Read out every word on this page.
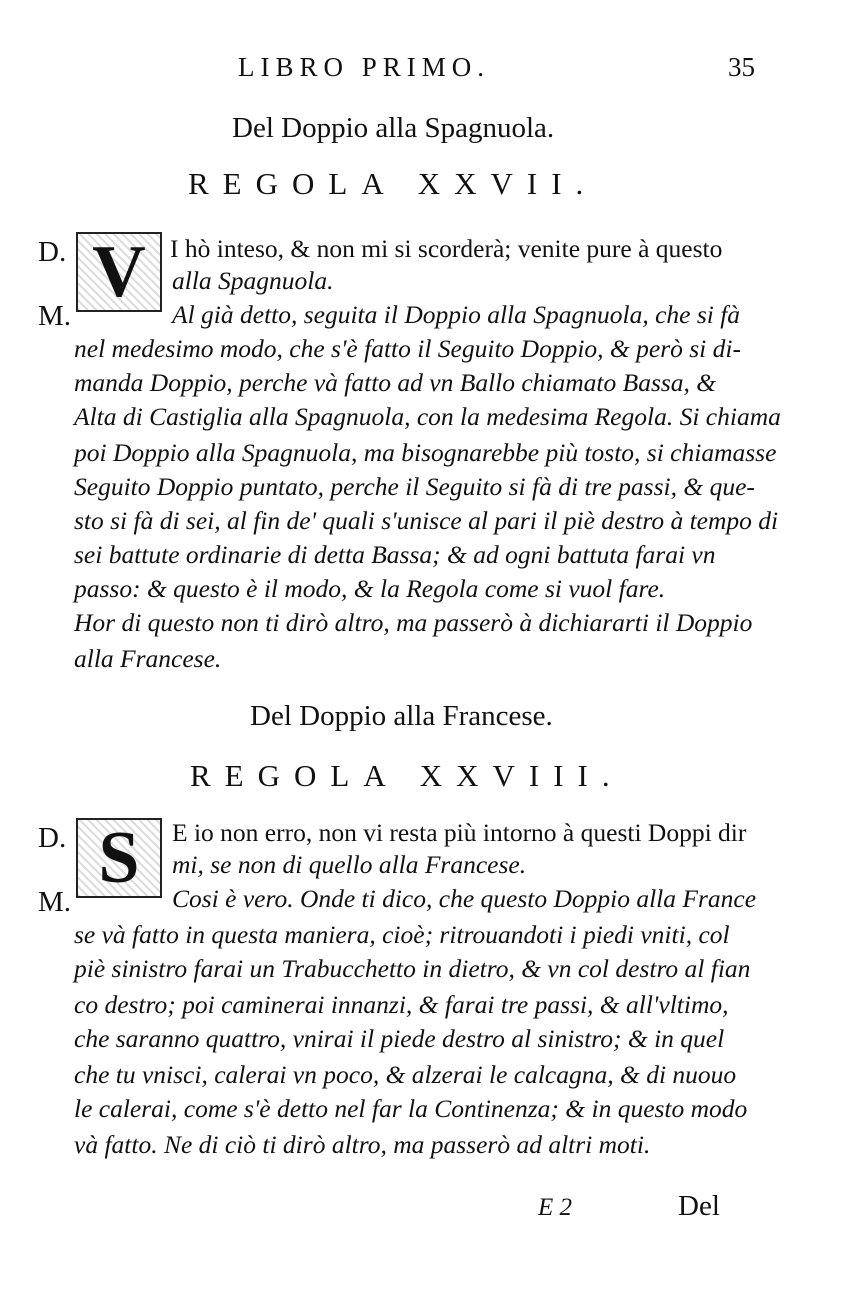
LIBRO PRIMO.	35
Del Doppio alla Spagnuola.
REGOLA XXVII.
D.
M.
V I hò inteso, & non mi si scorderà; venite pure à questo
alla Spagnuola.
Al già detto, seguita il Doppio alla Spagnuola, che si fà
nel medesimo modo, che s'è fatto il Seguito Doppio, & però si di-
manda Doppio, perche và fatto ad vn Ballo chiamato Bassa, &
Alta di Castiglia alla Spagnuola, con la medesima Regola. Si chiama
poi Doppio alla Spagnuola, ma bisognarebbe più tosto, si chiamasse
Seguito Doppio puntato, perche il Seguito si fà di tre passi, & que-
sto si fà di sei, al fin de' quali s'unisce al pari il piè destro à tempo di
sei battute ordinarie di detta Bassa; & ad ogni battuta farai vn
passo: & questo è il modo, & la Regola come si vuol fare.
Hor di questo non ti dirò altro, ma passerò à dichiararti il Doppio
alla Francese.
Del Doppio alla Francese.
REGOLA XXVIII.
D.
M.
S E io non erro, non vi resta più intorno à questi Doppi dir
mi, se non di quello alla Francese.
Cosi è vero. Onde ti dico, che questo Doppio alla France
se và fatto in questa maniera, cioè; ritrouandoti i piedi vniti, col
piè sinistro farai un Trabucchetto in dietro, & vn col destro al fian
co destro; poi caminerai innanzi, & farai tre passi, & all'vltimo,
che saranno quattro, vnirai il piede destro al sinistro; & in quel
che tu vnisci, calerai vn poco, & alzerai le calcagna, & di nuouo
le calerai, come s'è detto nel far la Continenza; & in questo modo
và fatto. Ne di ciò ti dirò altro, ma passerò ad altri moti.
E 2	Del
